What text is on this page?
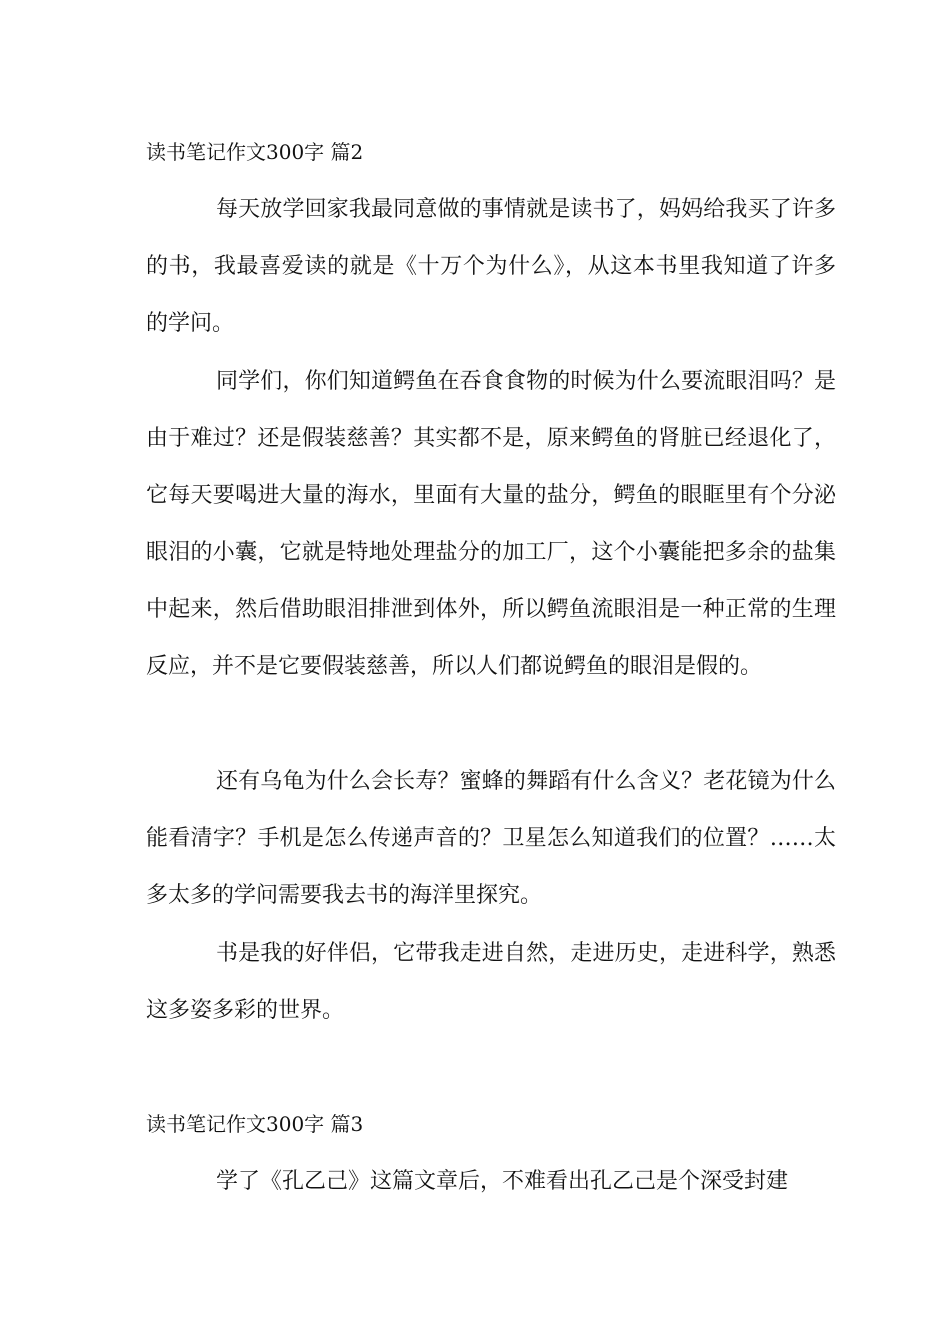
读书笔记作文300字 篇2

每天放学回家我最同意做的事情就是读书了，妈妈给我买了许多的书，我最喜爱读的就是《十万个为什么》，从这本书里我知道了许多的学问。

同学们，你们知道鳄鱼在吞食食物的时候为什么要流眼泪吗？是由于难过？还是假装慈善？其实都不是，原来鳄鱼的肾脏已经退化了，它每天要喝进大量的海水，里面有大量的盐分，鳄鱼的眼眶里有个分泌眼泪的小囊，它就是特地处理盐分的加工厂，这个小囊能把多余的盐集中起来，然后借助眼泪排泄到体外，所以鳄鱼流眼泪是一种正常的生理反应，并不是它要假装慈善，所以人们都说鳄鱼的眼泪是假的。

还有乌龟为什么会长寿？蜜蜂的舞蹈有什么含义？老花镜为什么能看清字？手机是怎么传递声音的？卫星怎么知道我们的位置？……太多太多的学问需要我去书的海洋里探究。

书是我的好伴侣，它带我走进自然，走进历史，走进科学，熟悉这多姿多彩的世界。

读书笔记作文300字 篇3

学了《孔乙己》这篇文章后，不难看出孔乙己是个深受封建
